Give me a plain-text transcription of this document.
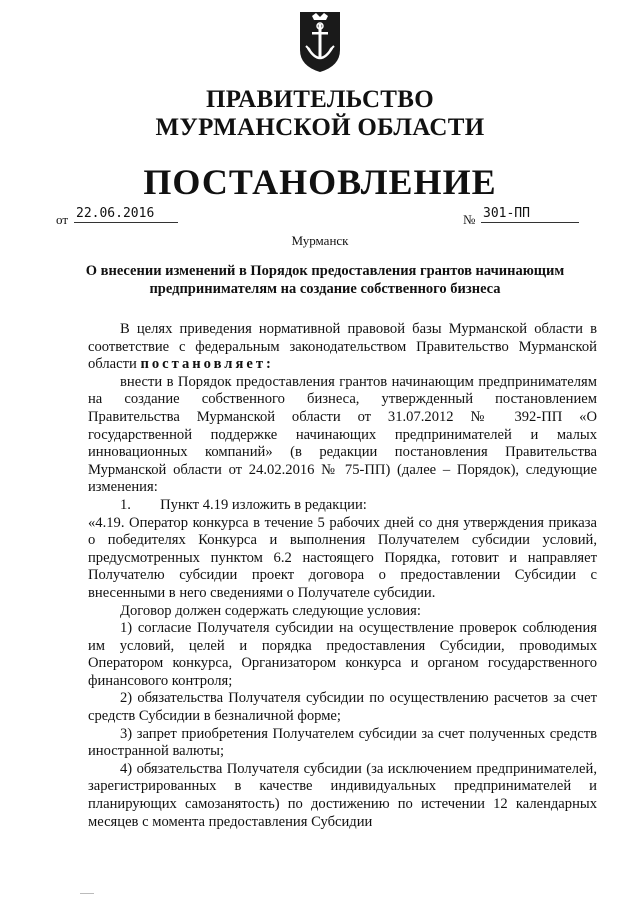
ПРАВИТЕЛЬСТВО
МУРМАНСКОЙ ОБЛАСТИ
ПОСТАНОВЛЕНИЕ
от 22.06.2016	№ 301-ПП
Мурманск
О внесении изменений в Порядок предоставления грантов начинающим предпринимателям на создание собственного бизнеса

В целях приведения нормативной правовой базы Мурманской области в соответствие с федеральным законодательством Правительство Мурманской области постановляет:

внести в Порядок предоставления грантов начинающим предпринимателям на создание собственного бизнеса, утвержденный постановлением Правительства Мурманской области от 31.07.2012 № 392-ПП «О государственной поддержке начинающих предпринимателей и малых инновационных компаний» (в редакции постановления Правительства Мурманской области от 24.02.2016 № 75-ПП) (далее – Порядок), следующие изменения:

1.        Пункт 4.19 изложить в редакции:

«4.19. Оператор конкурса в течение 5 рабочих дней со дня утверждения приказа о победителях Конкурса и выполнения Получателем субсидии условий, предусмотренных пунктом 6.2 настоящего Порядка, готовит и направляет Получателю субсидии проект договора о предоставлении Субсидии с внесенными в него сведениями о Получателе субсидии.

Договор должен содержать следующие условия:

1) согласие Получателя субсидии на осуществление проверок соблюдения им условий, целей и порядка предоставления Субсидии, проводимых Оператором конкурса, Организатором конкурса и органом государственного финансового контроля;

2) обязательства Получателя субсидии по осуществлению расчетов за счет средств Субсидии в безналичной форме;

3) запрет приобретения Получателем субсидии за счет полученных средств иностранной валюты;

4) обязательства Получателя субсидии (за исключением предпринимателей, зарегистрированных в качестве индивидуальных предпринимателей и планирующих самозанятость) по достижению по истечении 12 календарных месяцев с момента предоставления Субсидии
